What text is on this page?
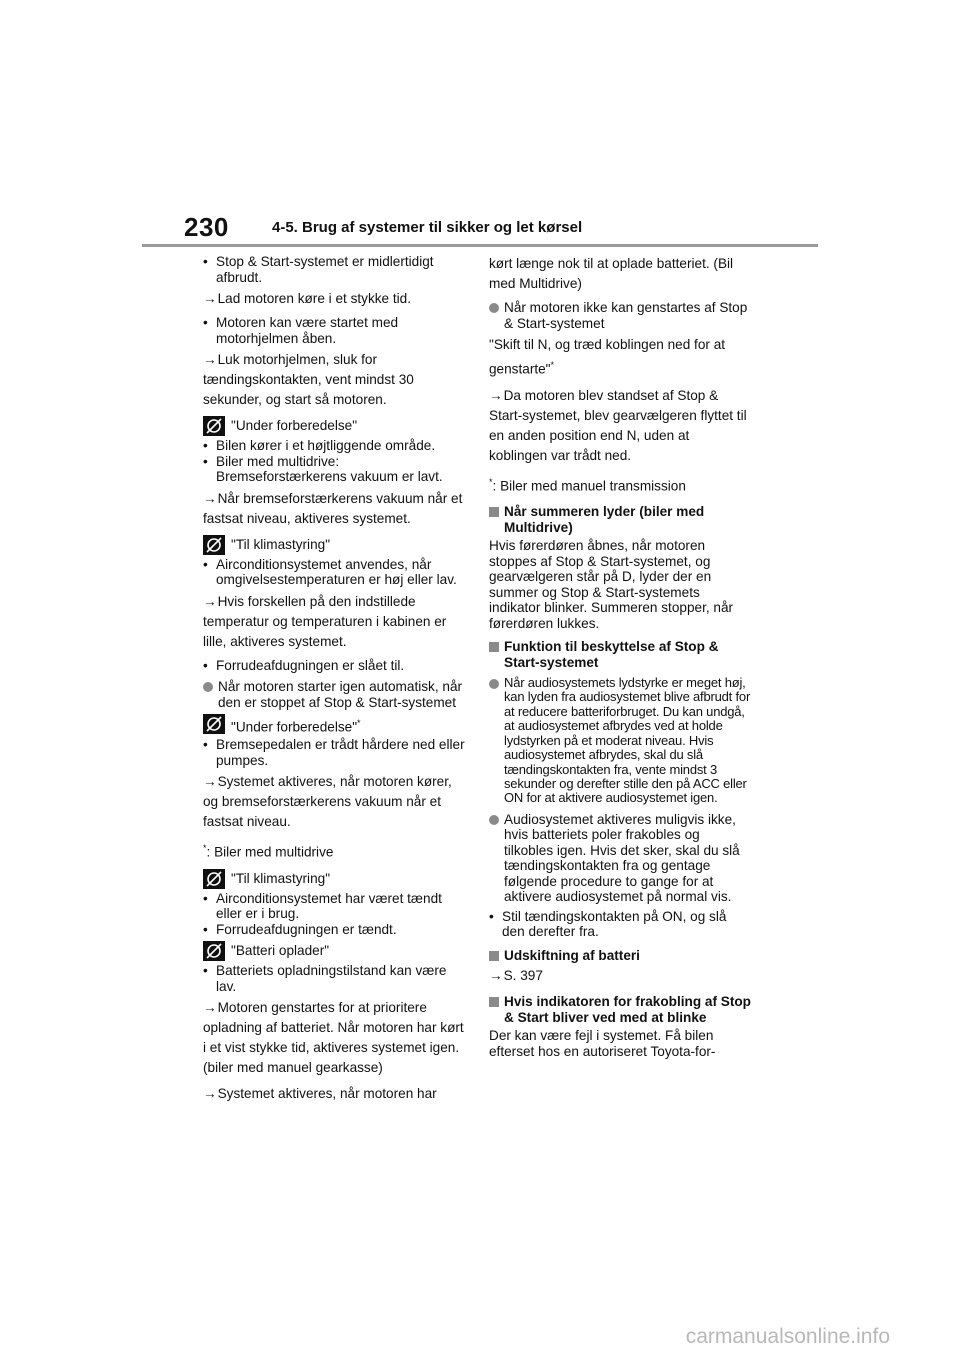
230	4-5. Brug af systemer til sikker og let kørsel
• Stop & Start-systemet er midlertidigt afbrudt.

→Lad motoren køre i et stykke tid.

• Motoren kan være startet med motorhjelmen åben.

→Luk motorhjelmen, sluk for tændingskontakten, vent mindst 30 sekunder, og start så motoren.

"Under forberedelse"
• Bilen kører i et højtliggende område.
• Biler med multidrive: Bremseforstærkerens vakuum er lavt.

→Når bremseforstærkerens vakuum når et fastsat niveau, aktiveres systemet.

"Til klimastyring"
• Airconditionsystemet anvendes, når omgivelsestemperaturen er høj eller lav.

→Hvis forskellen på den indstillede temperatur og temperaturen i kabinen er lille, aktiveres systemet.

• Forrudeafdugningen er slået til.
Når motoren starter igen automatisk, når den er stoppet af Stop & Start-systemet
"Under forberedelse"*
• Bremsepedalen er trådt hårdere ned eller pumpes.

→Systemet aktiveres, når motoren kører, og bremseforstærkerens vakuum når et fastsat niveau.

*: Biler med multidrive

"Til klimastyring"
• Airconditionsystemet har været tændt eller er i brug.
• Forrudeafdugningen er tændt.
"Batteri oplader"
• Batteriets opladningstilstand kan være lav.

→Motoren genstartes for at prioritere opladning af batteriet. Når motoren har kørt i et vist stykke tid, aktiveres systemet igen. (biler med manuel gearkasse)

→Systemet aktiveres, når motoren har

kørt længe nok til at oplade batteriet. (Bil med Multidrive)

Når motoren ikke kan genstartes af Stop & Start-systemet

"Skift til N, og træd koblingen ned for at genstarte"*

→Da motoren blev standset af Stop & Start-systemet, blev gearvælgeren flyttet til en anden position end N, uden at koblingen var trådt ned.

*: Biler med manuel transmission

Når summeren lyder (biler med Multidrive)

Hvis førerdøren åbnes, når motoren stoppes af Stop & Start-systemet, og gearvælgeren står på D, lyder der en summer og Stop & Start-systemets indikator blinker. Summeren stopper, når førerdøren lukkes.

Funktion til beskyttelse af Stop & Start-systemet
Når audiosystemets lydstyrke er meget høj, kan lyden fra audiosystemet blive afbrudt for at reducere batteriforbruget. Du kan undgå, at audiosystemet afbrydes ved at holde lydstyrken på et moderat niveau. Hvis audiosystemet afbrydes, skal du slå tændingskontakten fra, vente mindst 3 sekunder og derefter stille den på ACC eller ON for at aktivere audiosystemet igen.
Audiosystemet aktiveres muligvis ikke, hvis batteriets poler frakobles og tilkobles igen. Hvis det sker, skal du slå tændingskontakten fra og gentage følgende procedure to gange for at aktivere audiosystemet på normal vis.
• Stil tændingskontakten på ON, og slå den derefter fra.
Udskiftning af batteri

→S. 397

Hvis indikatoren for frakobling af Stop & Start bliver ved med at blinke

Der kan være fejl i systemet. Få bilen efterset hos en autoriseret Toyota-for-

carmanualsonline.info
